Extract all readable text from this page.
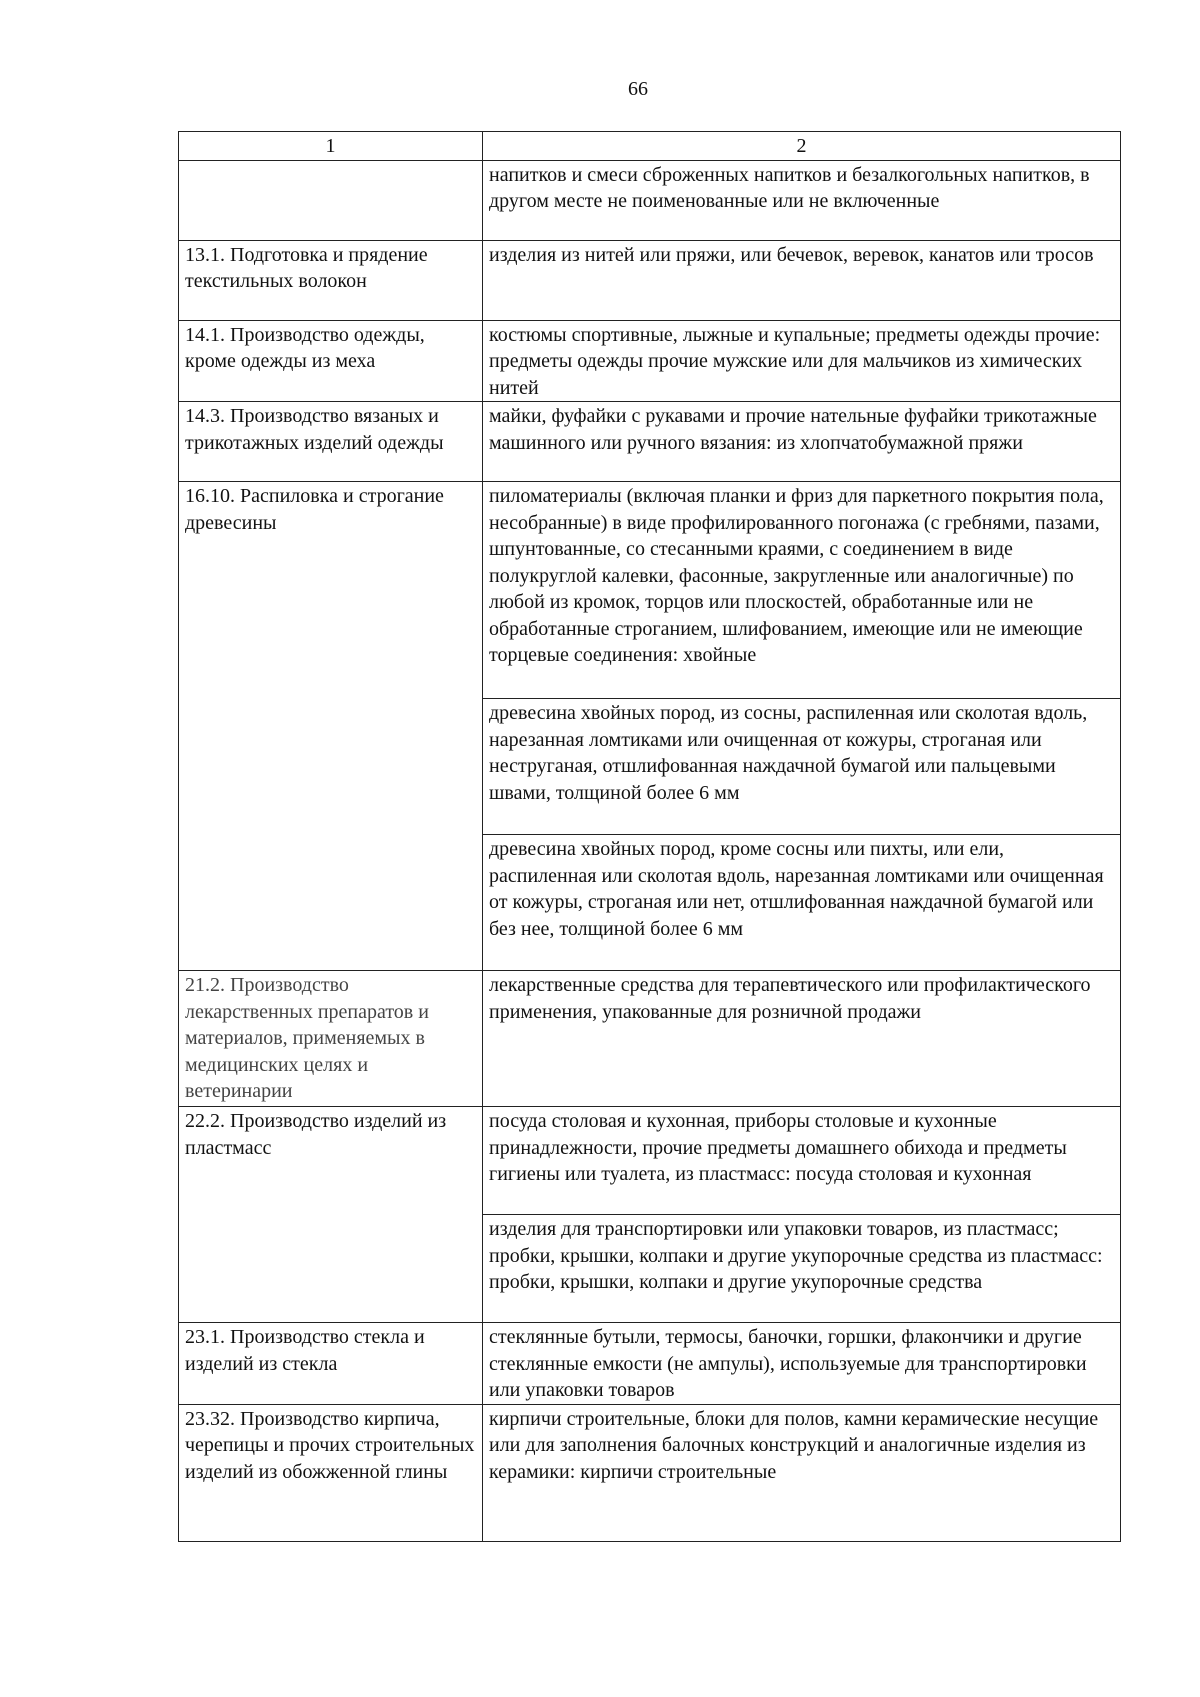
66
1	2
	напитков и смеси сброженных напитков и безалкогольных напитков, в другом месте не поименованные или не включенные
13.1. Подготовка и прядение текстильных волокон	изделия из нитей или пряжи, или бечевок, веревок, канатов или тросов
14.1. Производство одежды, кроме одежды из меха	костюмы спортивные, лыжные и купальные; предметы одежды прочие: предметы одежды прочие мужские или для мальчиков из химических нитей
14.3. Производство вязаных и трикотажных изделий одежды	майки, фуфайки с рукавами и прочие нательные фуфайки трикотажные машинного или ручного вязания: из хлопчатобумажной пряжи
16.10. Распиловка и строгание древесины	пиломатериалы (включая планки и фриз для паркетного покрытия пола, несобранные) в виде профилированного погонажа (с гребнями, пазами, шпунтованные, со стесанными краями, с соединением в виде полукруглой калевки, фасонные, закругленные или аналогичные) по любой из кромок, торцов или плоскостей, обработанные или не обработанные строганием, шлифованием, имеющие или не имеющие торцевые соединения: хвойные
	древесина хвойных пород, из сосны, распиленная или сколотая вдоль, нарезанная ломтиками или очищенная от кожуры, строганая или неструганая, отшлифованная наждачной бумагой или пальцевыми швами, толщиной более 6 мм
	древесина хвойных пород, кроме сосны или пихты, или ели, распиленная или сколотая вдоль, нарезанная ломтиками или очищенная от кожуры, строганая или нет, отшлифованная наждачной бумагой или без нее, толщиной более 6 мм
21.2. Производство лекарственных препаратов и материалов, применяемых в медицинских целях и ветеринарии	лекарственные средства для терапевтического или профилактического применения, упакованные для розничной продажи
22.2. Производство изделий из пластмасс	посуда столовая и кухонная, приборы столовые и кухонные принадлежности, прочие предметы домашнего обихода и предметы гигиены или туалета, из пластмасс: посуда столовая и кухонная
	изделия для транспортировки или упаковки товаров, из пластмасс; пробки, крышки, колпаки и другие укупорочные средства из пластмасс: пробки, крышки, колпаки и другие укупорочные средства
23.1. Производство стекла и изделий из стекла	стеклянные бутыли, термосы, баночки, горшки, флакончики и другие стеклянные емкости (не ампулы), используемые для транспортировки или упаковки товаров
23.32. Производство кирпича, черепицы и прочих строительных изделий из обожженной глины	кирпичи строительные, блоки для полов, камни керамические несущие или для заполнения балочных конструкций и аналогичные изделия из керамики: кирпичи строительные
